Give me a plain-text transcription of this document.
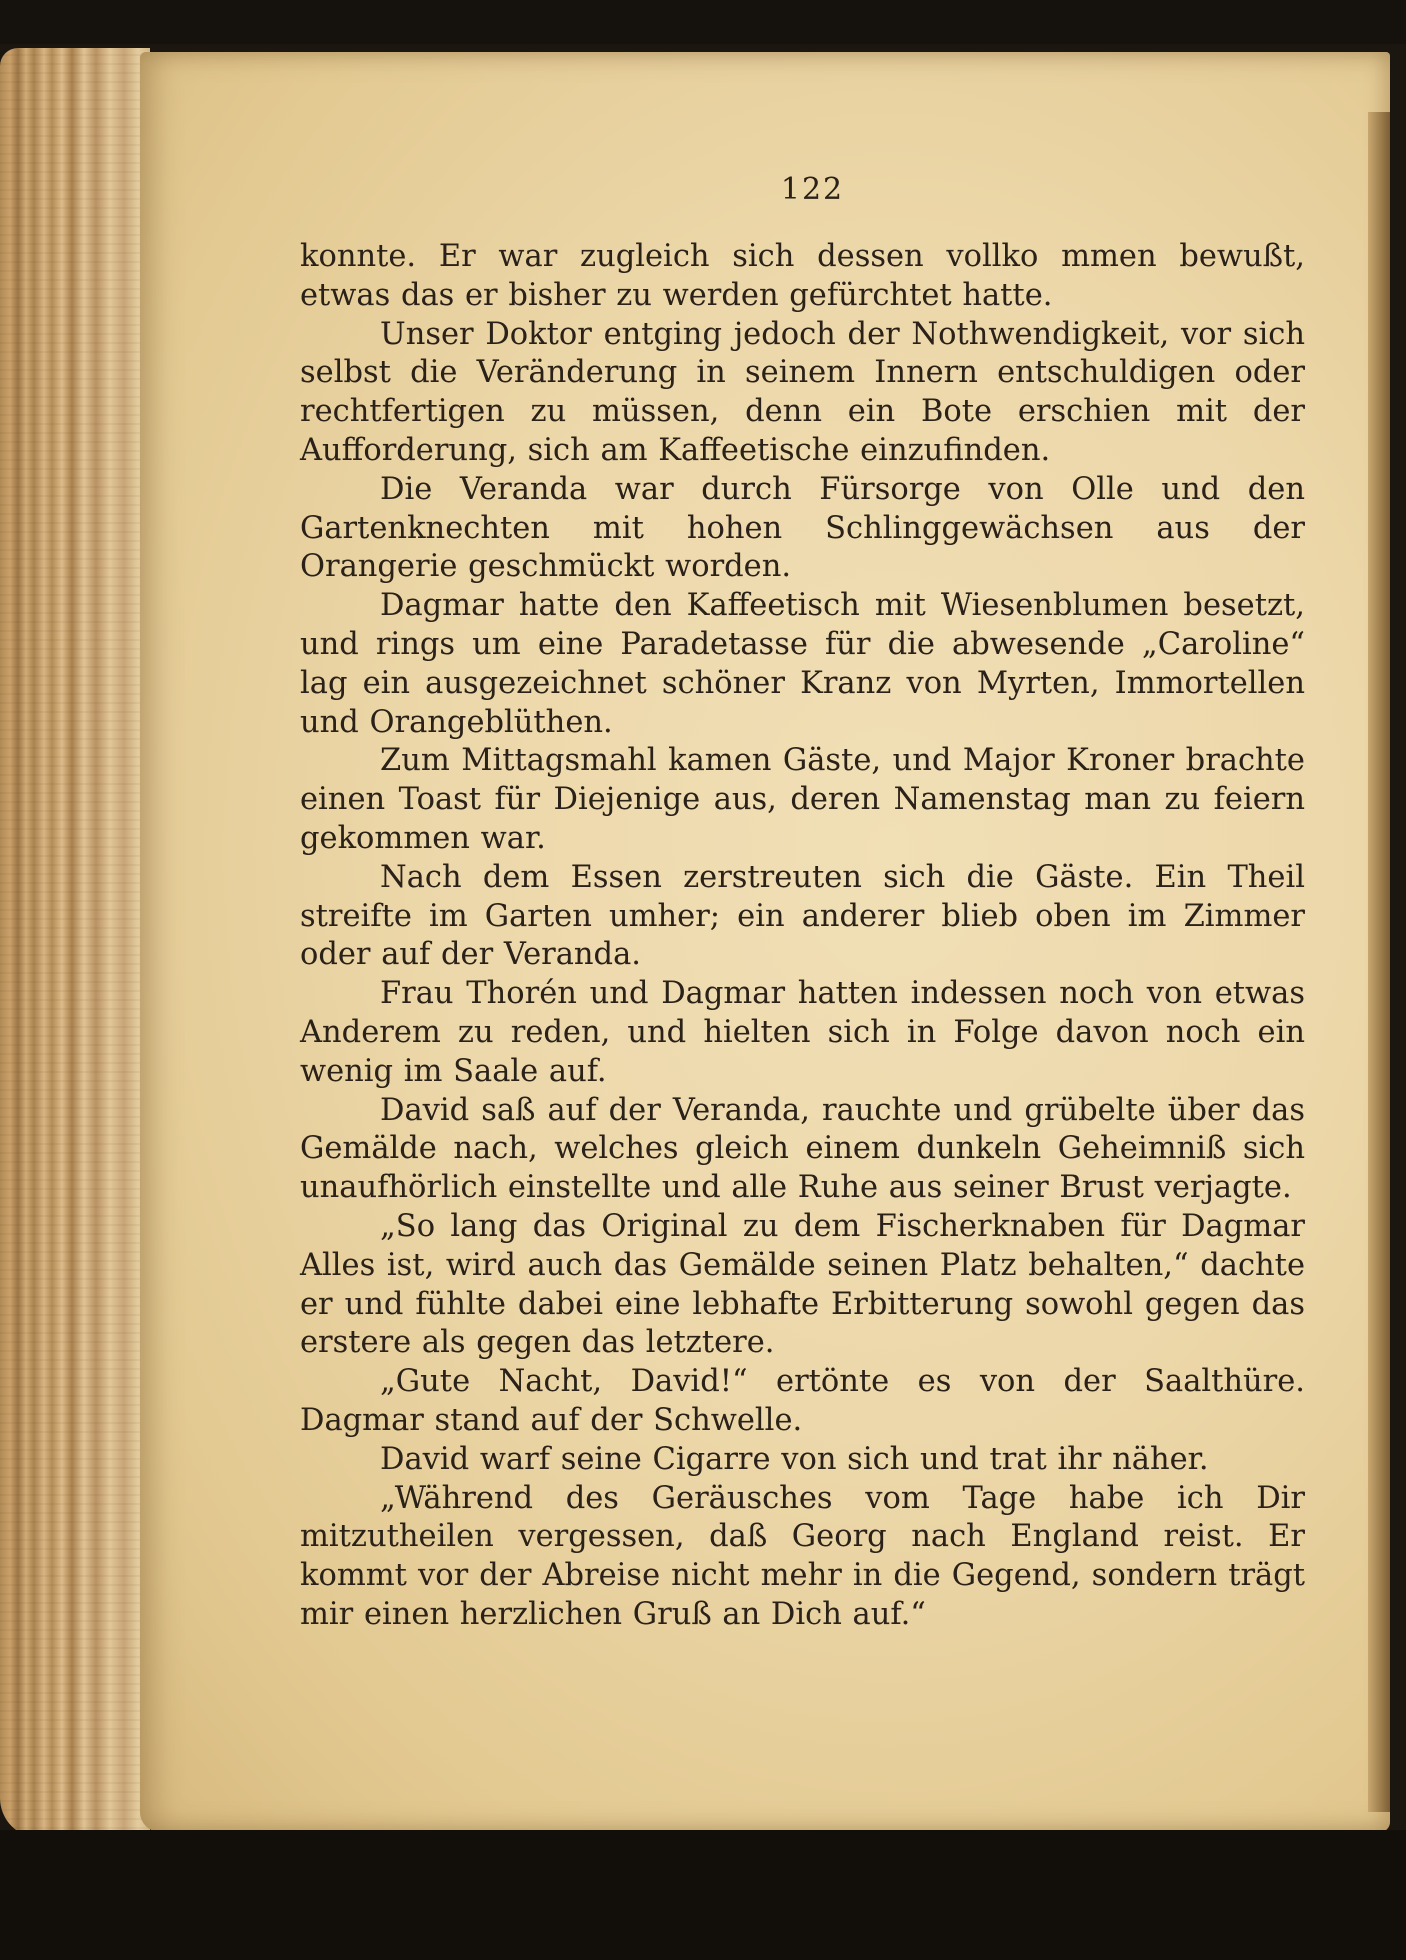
122

konnte. Er war zugleich sich dessen vollko mmen bewußt, etwas das er bisher zu werden gefürchtet hatte.

Unser Doktor entging jedoch der Nothwendigkeit, vor sich selbst die Veränderung in seinem Innern entschuldigen oder rechtfertigen zu müssen, denn ein Bote erschien mit der Aufforderung, sich am Kaffeetische einzufinden.

Die Veranda war durch Fürsorge von Olle und den Gartenknechten mit hohen Schlinggewächsen aus der Orangerie geschmückt worden.

Dagmar hatte den Kaffeetisch mit Wiesenblumen besetzt, und rings um eine Paradetasse für die abwesende „Caroline“ lag ein ausgezeichnet schöner Kranz von Myrten, Immortellen und Orangeblüthen.

Zum Mittagsmahl kamen Gäste, und Major Kroner brachte einen Toast für Diejenige aus, deren Namenstag man zu feiern gekommen war.

Nach dem Essen zerstreuten sich die Gäste. Ein Theil streifte im Garten umher; ein anderer blieb oben im Zimmer oder auf der Veranda.

Frau Thorén und Dagmar hatten indessen noch von etwas Anderem zu reden, und hielten sich in Folge davon noch ein wenig im Saale auf.

David saß auf der Veranda, rauchte und grübelte über das Gemälde nach, welches gleich einem dunkeln Geheimniß sich unaufhörlich einstellte und alle Ruhe aus seiner Brust verjagte.

„So lang das Original zu dem Fischerknaben für Dagmar Alles ist, wird auch das Gemälde seinen Platz behalten,“ dachte er und fühlte dabei eine lebhafte Erbitterung sowohl gegen das erstere als gegen das letztere.

„Gute Nacht, David!“ ertönte es von der Saalthüre. Dagmar stand auf der Schwelle.

David warf seine Cigarre von sich und trat ihr näher.

„Während des Geräusches vom Tage habe ich Dir mitzutheilen vergessen, daß Georg nach England reist. Er kommt vor der Abreise nicht mehr in die Gegend, sondern trägt mir einen herzlichen Gruß an Dich auf.“
